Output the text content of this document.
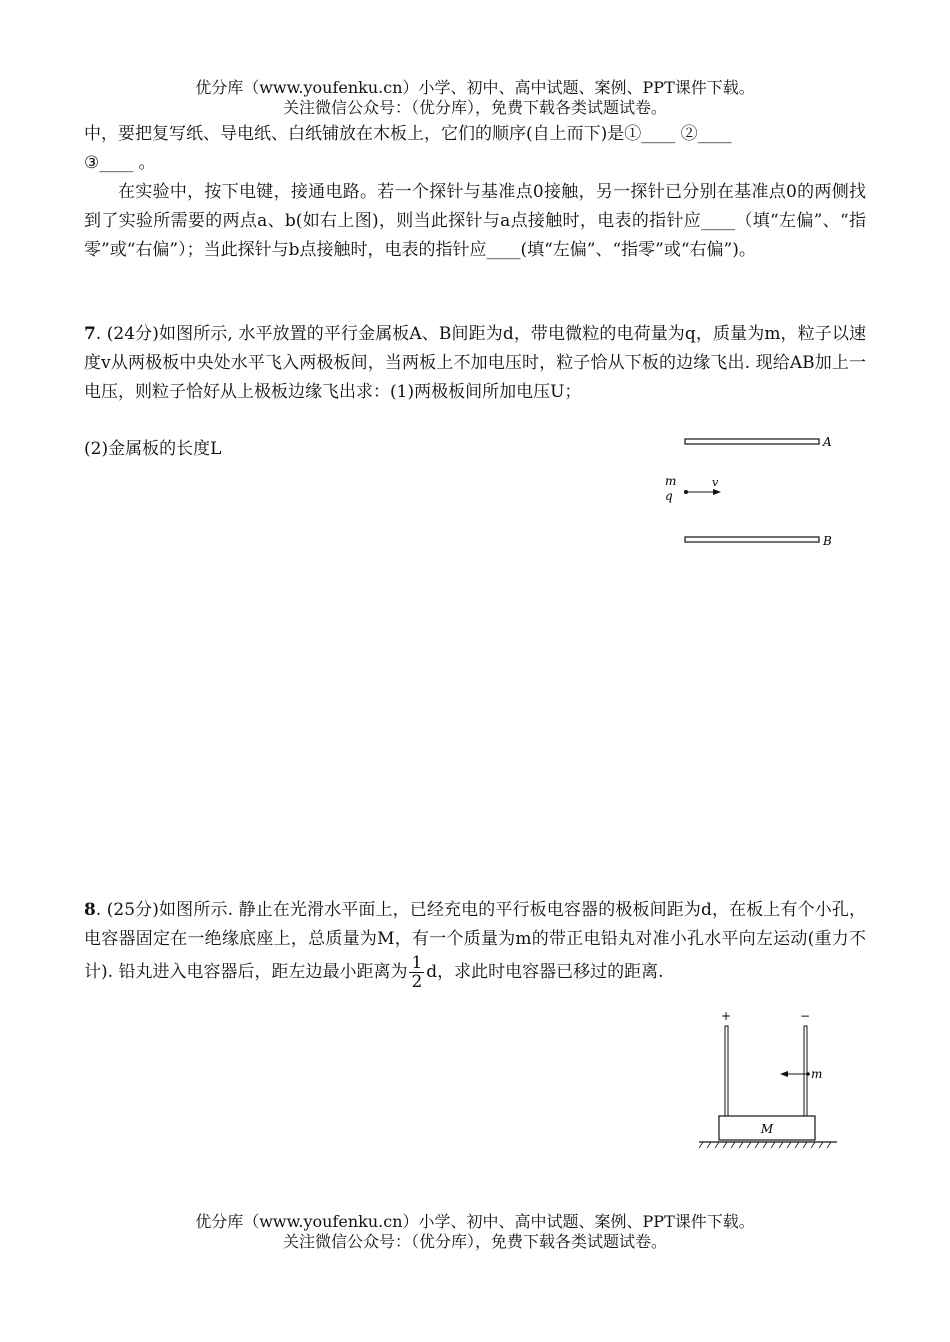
优分库（www.youfenku.cn）小学、初中、高中试题、案例、PPT课件下载。
关注微信公众号：（优分库），免费下载各类试题试卷。
中，要把复写纸、导电纸、白纸铺放在木板上，它们的顺序(自上而下)是①____ ②____
③____ 。
在实验中，按下电键，接通电路。若一个探针与基准点0接触，另一探针已分别在基准点0的两侧找到了实验所需要的两点a、b(如右上图)，则当此探针与a点接触时，电表的指针应____（填“左偏”、“指零”或“右偏”）；当此探针与b点接触时，电表的指针应____(填“左偏”、“指零”或“右偏”)。
7. (24分)如图所示, 水平放置的平行金属板A、B间距为d，带电微粒的电荷量为q，质量为m，粒子以速度v从两极板中央处水平飞入两极板间，当两板上不加电压时，粒子恰从下板的边缘飞出. 现给AB加上一电压，则粒子恰好从上极板边缘飞出求：(1)两极板间所加电压U；
(2)金属板的长度L	A
m
q
v
B
8. (25分)如图所示. 静止在光滑水平面上，已经充电的平行板电容器的极板间距为d，在板上有个小孔，电容器固定在一绝缘底座上，总质量为M，有一个质量为m的带正电铅丸对准小孔水平向左运动(重力不计). 铅丸进入电容器后，距左边最小距离为 $\frac{1}{2}$ d，求此时电容器已移过的距离.
+	−
m
M
优分库（www.youfenku.cn）小学、初中、高中试题、案例、PPT课件下载。
关注微信公众号：（优分库），免费下载各类试题试卷。
